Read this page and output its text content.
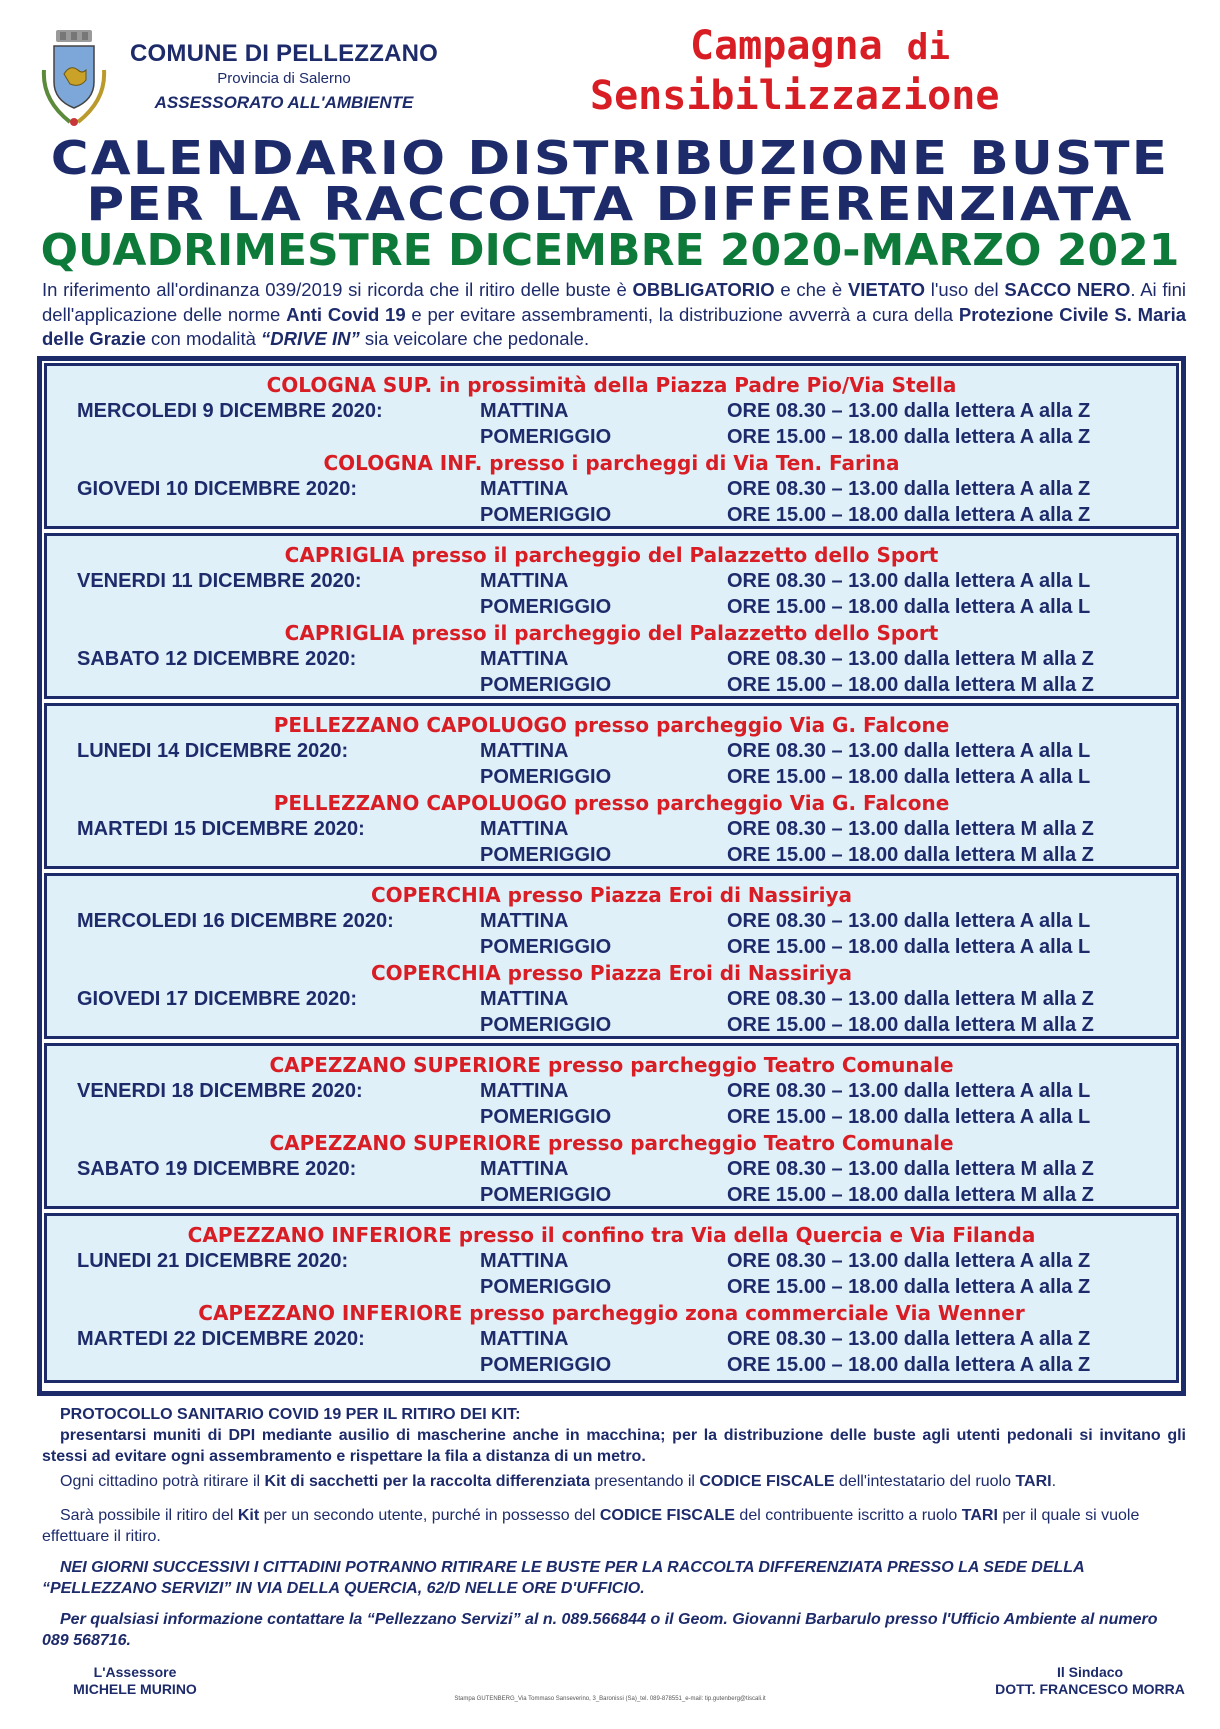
COMUNE DI PELLEZZANO
Provincia di Salerno
ASSESSORATO ALL'AMBIENTE
Campagna di
Sensibilizzazione
CALENDARIO DISTRIBUZIONE BUSTE
PER LA RACCOLTA DIFFERENZIATA
QUADRIMESTRE DICEMBRE 2020-MARZO 2021
In riferimento all'ordinanza 039/2019 si ricorda che il ritiro delle buste è OBBLIGATORIO e che è VIETATO l'uso del SACCO NERO. Ai fini dell'applicazione delle norme Anti Covid 19 e per evitare assembramenti, la distribuzione avverrà a cura della Protezione Civile S. Maria delle Grazie con modalità “DRIVE IN” sia veicolare che pedonale.
COLOGNA SUP. in prossimità della Piazza Padre Pio/Via Stella
MERCOLEDI 9 DICEMBRE 2020:	MATTINA	ORE 08.30 – 13.00 dalla lettera A alla Z
POMERIGGIO	ORE 15.00 – 18.00 dalla lettera A alla Z
COLOGNA INF. presso i parcheggi di Via Ten. Farina
GIOVEDI 10 DICEMBRE 2020:	MATTINA	ORE 08.30 – 13.00 dalla lettera A alla Z
POMERIGGIO	ORE 15.00 – 18.00 dalla lettera A alla Z
CAPRIGLIA presso il parcheggio del Palazzetto dello Sport
VENERDI 11 DICEMBRE 2020:	MATTINA	ORE 08.30 – 13.00 dalla lettera A alla L
POMERIGGIO	ORE 15.00 – 18.00 dalla lettera A alla L
CAPRIGLIA presso il parcheggio del Palazzetto dello Sport
SABATO 12 DICEMBRE 2020:	MATTINA	ORE 08.30 – 13.00 dalla lettera M alla Z
POMERIGGIO	ORE 15.00 – 18.00 dalla lettera M alla Z
PELLEZZANO CAPOLUOGO presso parcheggio Via G. Falcone
LUNEDI 14 DICEMBRE 2020:	MATTINA	ORE 08.30 – 13.00 dalla lettera A alla L
POMERIGGIO	ORE 15.00 – 18.00 dalla lettera A alla L
PELLEZZANO CAPOLUOGO presso parcheggio Via G. Falcone
MARTEDI 15 DICEMBRE 2020:	MATTINA	ORE 08.30 – 13.00 dalla lettera M alla Z
POMERIGGIO	ORE 15.00 – 18.00 dalla lettera M alla Z
COPERCHIA presso Piazza Eroi di Nassiriya
MERCOLEDI 16 DICEMBRE 2020:	MATTINA	ORE 08.30 – 13.00 dalla lettera A alla L
POMERIGGIO	ORE 15.00 – 18.00 dalla lettera A alla L
COPERCHIA presso Piazza Eroi di Nassiriya
GIOVEDI 17 DICEMBRE 2020:	MATTINA	ORE 08.30 – 13.00 dalla lettera M alla Z
POMERIGGIO	ORE 15.00 – 18.00 dalla lettera M alla Z
CAPEZZANO SUPERIORE presso parcheggio Teatro Comunale
VENERDI 18 DICEMBRE 2020:	MATTINA	ORE 08.30 – 13.00 dalla lettera A alla L
POMERIGGIO	ORE 15.00 – 18.00 dalla lettera A alla L
CAPEZZANO SUPERIORE presso parcheggio Teatro Comunale
SABATO 19 DICEMBRE 2020:	MATTINA	ORE 08.30 – 13.00 dalla lettera M alla Z
POMERIGGIO	ORE 15.00 – 18.00 dalla lettera M alla Z
CAPEZZANO INFERIORE presso il confino tra Via della Quercia e Via Filanda
LUNEDI 21 DICEMBRE 2020:	MATTINA	ORE 08.30 – 13.00 dalla lettera A alla Z
POMERIGGIO	ORE 15.00 – 18.00 dalla lettera A alla Z
CAPEZZANO INFERIORE presso parcheggio zona commerciale Via Wenner
MARTEDI 22 DICEMBRE 2020:	MATTINA	ORE 08.30 – 13.00 dalla lettera A alla Z
POMERIGGIO	ORE 15.00 – 18.00 dalla lettera A alla Z
PROTOCOLLO SANITARIO COVID 19 PER IL RITIRO DEI KIT:
presentarsi muniti di DPI mediante ausilio di mascherine anche in macchina; per la distribuzione delle buste agli utenti pedonali si invitano gli stessi ad evitare ogni assembramento e rispettare la fila a distanza di un metro.
Ogni cittadino potrà ritirare il Kit di sacchetti per la raccolta differenziata presentando il CODICE FISCALE dell'intestatario del ruolo TARI.
Sarà possibile il ritiro del Kit per un secondo utente, purché in possesso del CODICE FISCALE del contribuente iscritto a ruolo TARI per il quale si vuole effettuare il ritiro.
NEI GIORNI SUCCESSIVI I CITTADINI POTRANNO RITIRARE LE BUSTE PER LA RACCOLTA DIFFERENZIATA PRESSO LA SEDE DELLA “PELLEZZANO SERVIZI” IN VIA DELLA QUERCIA, 62/D NELLE ORE D'UFFICIO.
Per qualsiasi informazione contattare la “Pellezzano Servizi” al n. 089.566844 o il Geom. Giovanni Barbarulo presso l'Ufficio Ambiente al numero 089 568716.
L'Assessore
MICHELE MURINO
Stampa GUTENBERG_Via Tommaso Sanseverino, 3_Baronissi (Sa)_tel. 089-878551_e-mail: tip.gutenberg@tiscali.it
Il Sindaco
DOTT. FRANCESCO MORRA
